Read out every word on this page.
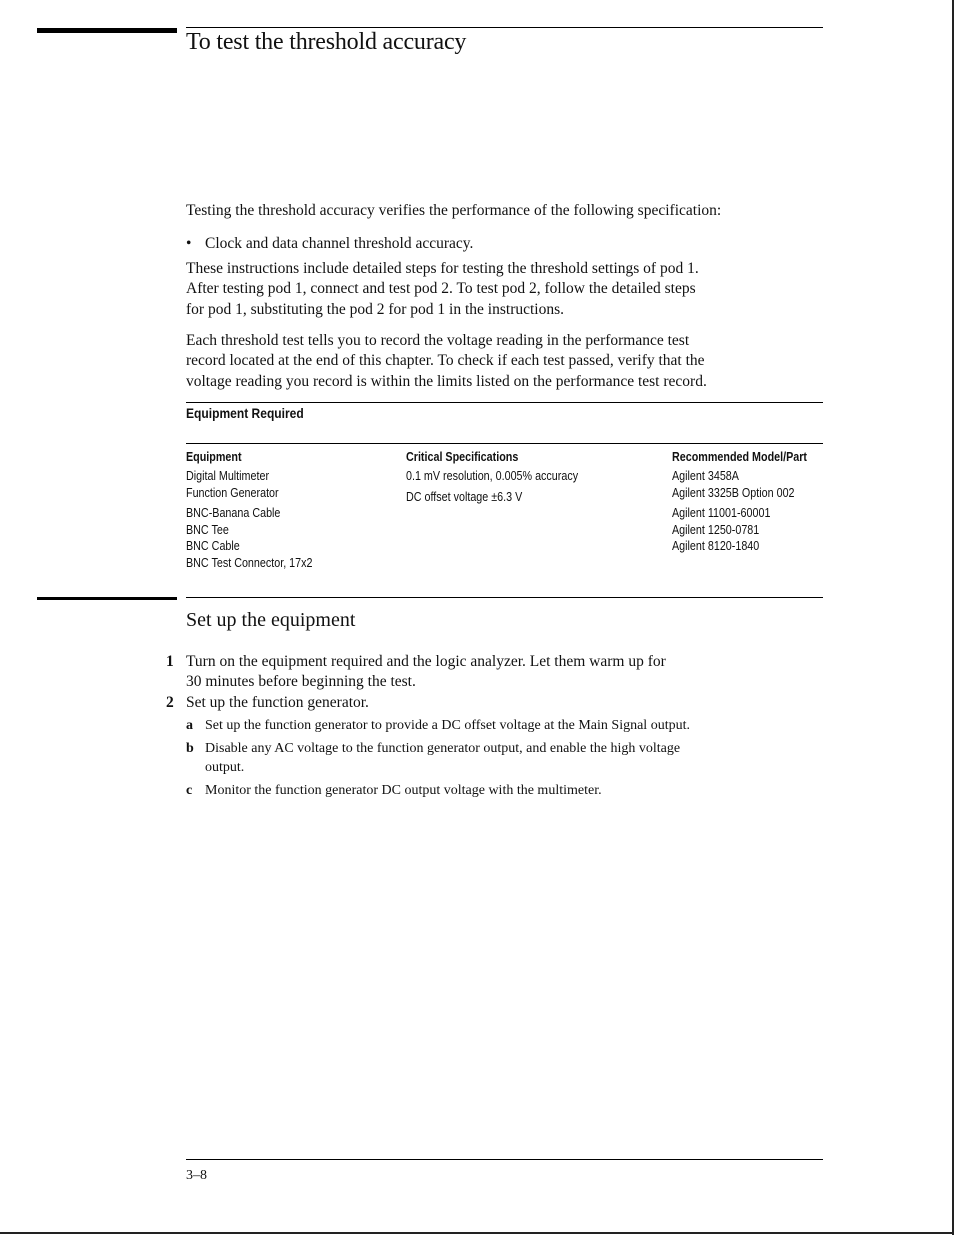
To test the threshold accuracy
Testing the threshold accuracy verifies the performance of the following specification:
• Clock and data channel threshold accuracy.
These instructions include detailed steps for testing the threshold settings of pod 1.
After testing pod 1, connect and test pod 2. To test pod 2, follow the detailed steps
for pod 1, substituting the pod 2 for pod 1 in the instructions.
Each threshold test tells you to record the voltage reading in the performance test
record located at the end of this chapter. To check if each test passed, verify that the
voltage reading you record is within the limits listed on the performance test record.
Equipment Required
Equipment
Digital Multimeter
Function Generator
BNC-Banana Cable
BNC Tee
BNC Cable
BNC Test Connector, 17x2
Critical Specifications
0.1 mV resolution, 0.005% accuracy
DC offset voltage ±6.3 V
Recommended Model/Part
Agilent 3458A
Agilent 3325B Option 002
Agilent 11001-60001
Agilent 1250-0781
Agilent 8120-1840
Set up the equipment
1 Turn on the equipment required and the logic analyzer. Let them warm up for
30 minutes before beginning the test.
2 Set up the function generator.
a Set up the function generator to provide a DC offset voltage at the Main Signal output.
b Disable any AC voltage to the function generator output, and enable the high voltage
output.
c Monitor the function generator DC output voltage with the multimeter.
3–8
